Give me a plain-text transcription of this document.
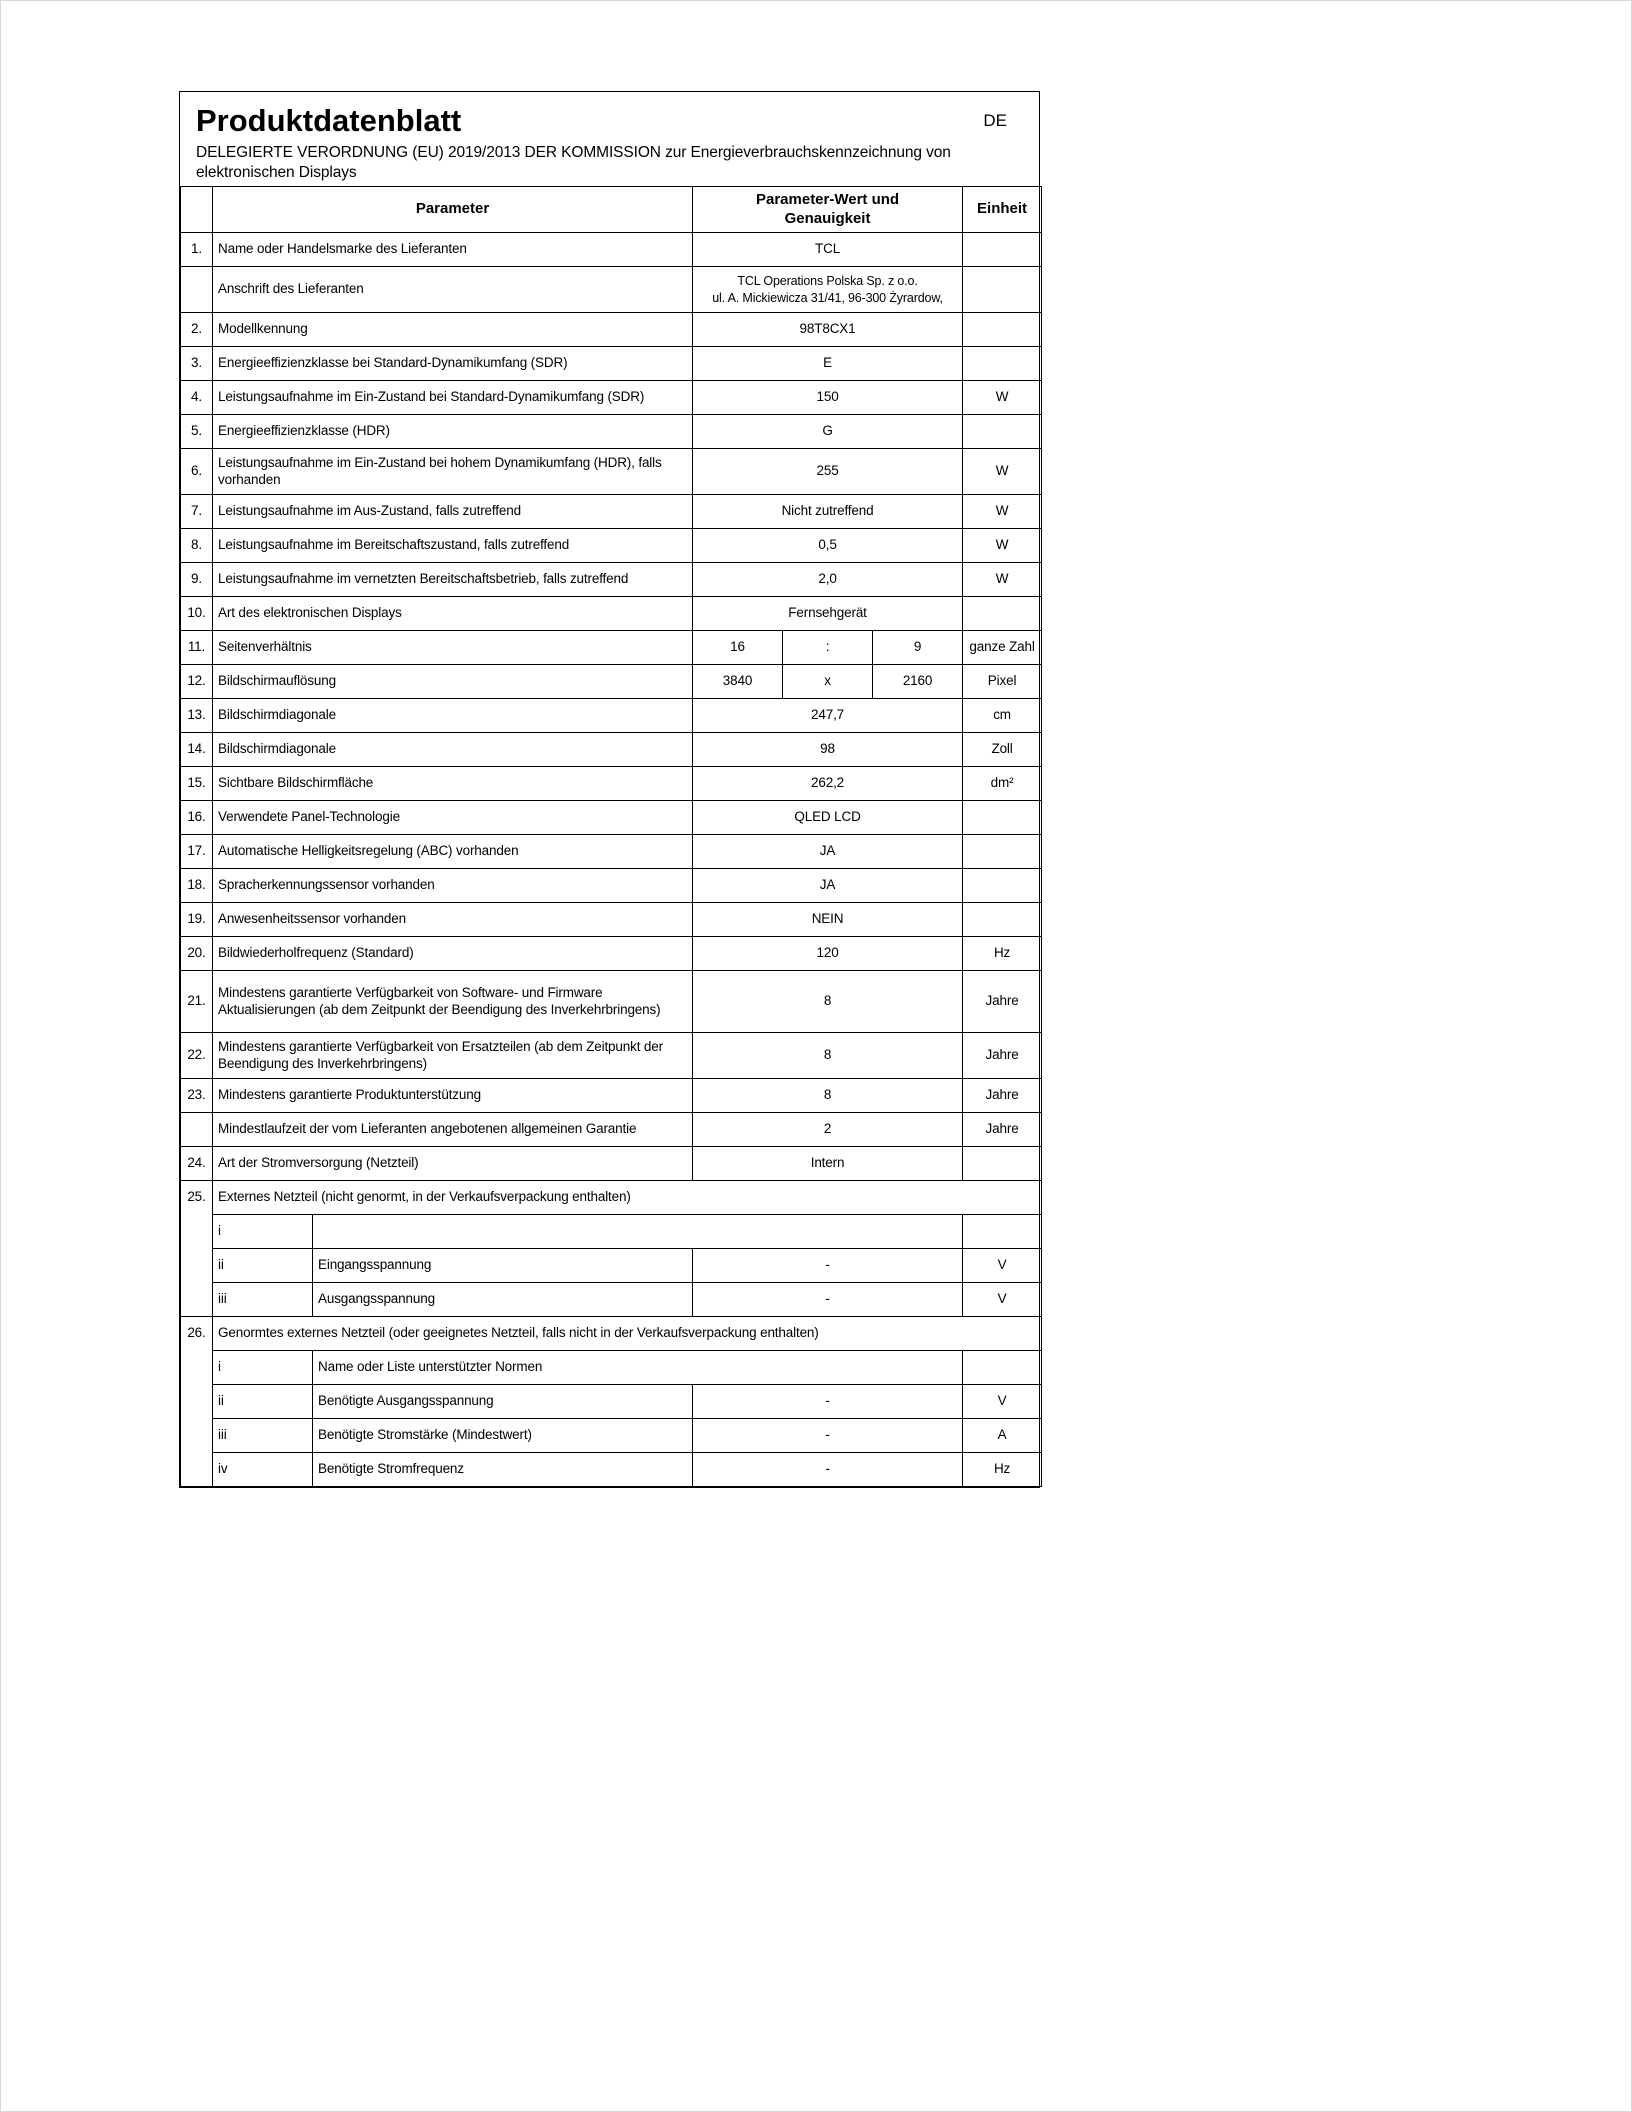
Produktdatenblatt	DE
DELEGIERTE VERORDNUNG (EU) 2019/2013 DER KOMMISSION zur Energieverbrauchskennzeichnung von elektronischen Displays
	Parameter		Parameter-Wert und
Genauigkeit			Einheit
1.	Name oder Handelsmarke des Lieferanten		TCL			
	Anschrift des Lieferanten		TCL Operations Polska Sp. z o.o.
ul. A. Mickiewicza 31/41, 96-300 Żyrardow,			

2.	Modellkennung		98T8CX1			
3.	Energieeffizienzklasse bei Standard-Dynamikumfang (SDR)		E			
4.	Leistungsaufnahme im Ein-Zustand bei Standard-Dynamikumfang (SDR)		150			W
5.	Energieeffizienzklasse (HDR)		G			
6.	Leistungsaufnahme im Ein-Zustand bei hohem Dynamikumfang (HDR), falls vorhanden		255			W
7.	Leistungsaufnahme im Aus-Zustand, falls zutreffend		Nicht zutreffend			W
8.	Leistungsaufnahme im Bereitschaftszustand, falls zutreffend		0,5			W
9.	Leistungsaufnahme im vernetzten Bereitschaftsbetrieb, falls zutreffend		2,0			W
10.	Art des elektronischen Displays		Fernsehgerät			
11.	Seitenverhältnis		16	:	9	ganze Zahl
12.	Bildschirmauflösung		3840	x	2160	Pixel
13.	Bildschirmdiagonale		247,7			cm
14.	Bildschirmdiagonale		98			Zoll
15.	Sichtbare Bildschirmfläche		262,2			dm²
16.	Verwendete Panel-Technologie		QLED LCD			
17.	Automatische Helligkeitsregelung (ABC) vorhanden		JA			
18.	Spracherkennungssensor vorhanden		JA			
19.	Anwesenheitssensor vorhanden		NEIN			
20.	Bildwiederholfrequenz (Standard)		120			Hz
21.	Mindestens garantierte Verfügbarkeit von Software- und Firmware Aktualisierungen (ab dem Zeitpunkt der Beendigung des Inverkehrbringens)		8			Jahre
22.	Mindestens garantierte Verfügbarkeit von Ersatzteilen (ab dem Zeitpunkt der Beendigung des Inverkehrbringens)		8			Jahre
23.	Mindestens garantierte Produktunterstützung		8			Jahre
	Mindestlaufzeit der vom Lieferanten angebotenen allgemeinen Garantie		2			Jahre
24.	Art der Stromversorgung (Netzteil)		Intern			
25.	Externes Netzteil (nicht genormt, in der Verkaufsverpackung enthalten)					
	i					
	ii	Eingangsspannung	-			V
	iii	Ausgangsspannung	-			V
26.	Genormtes externes Netzteil (oder geeignetes Netzteil, falls nicht in der Verkaufsverpackung enthalten)					
	i	Name oder Liste unterstützter Normen				
	ii	Benötigte Ausgangsspannung	-			V
	iii	Benötigte Stromstärke (Mindestwert)	-			A
	iv	Benötigte Stromfrequenz	-			Hz
